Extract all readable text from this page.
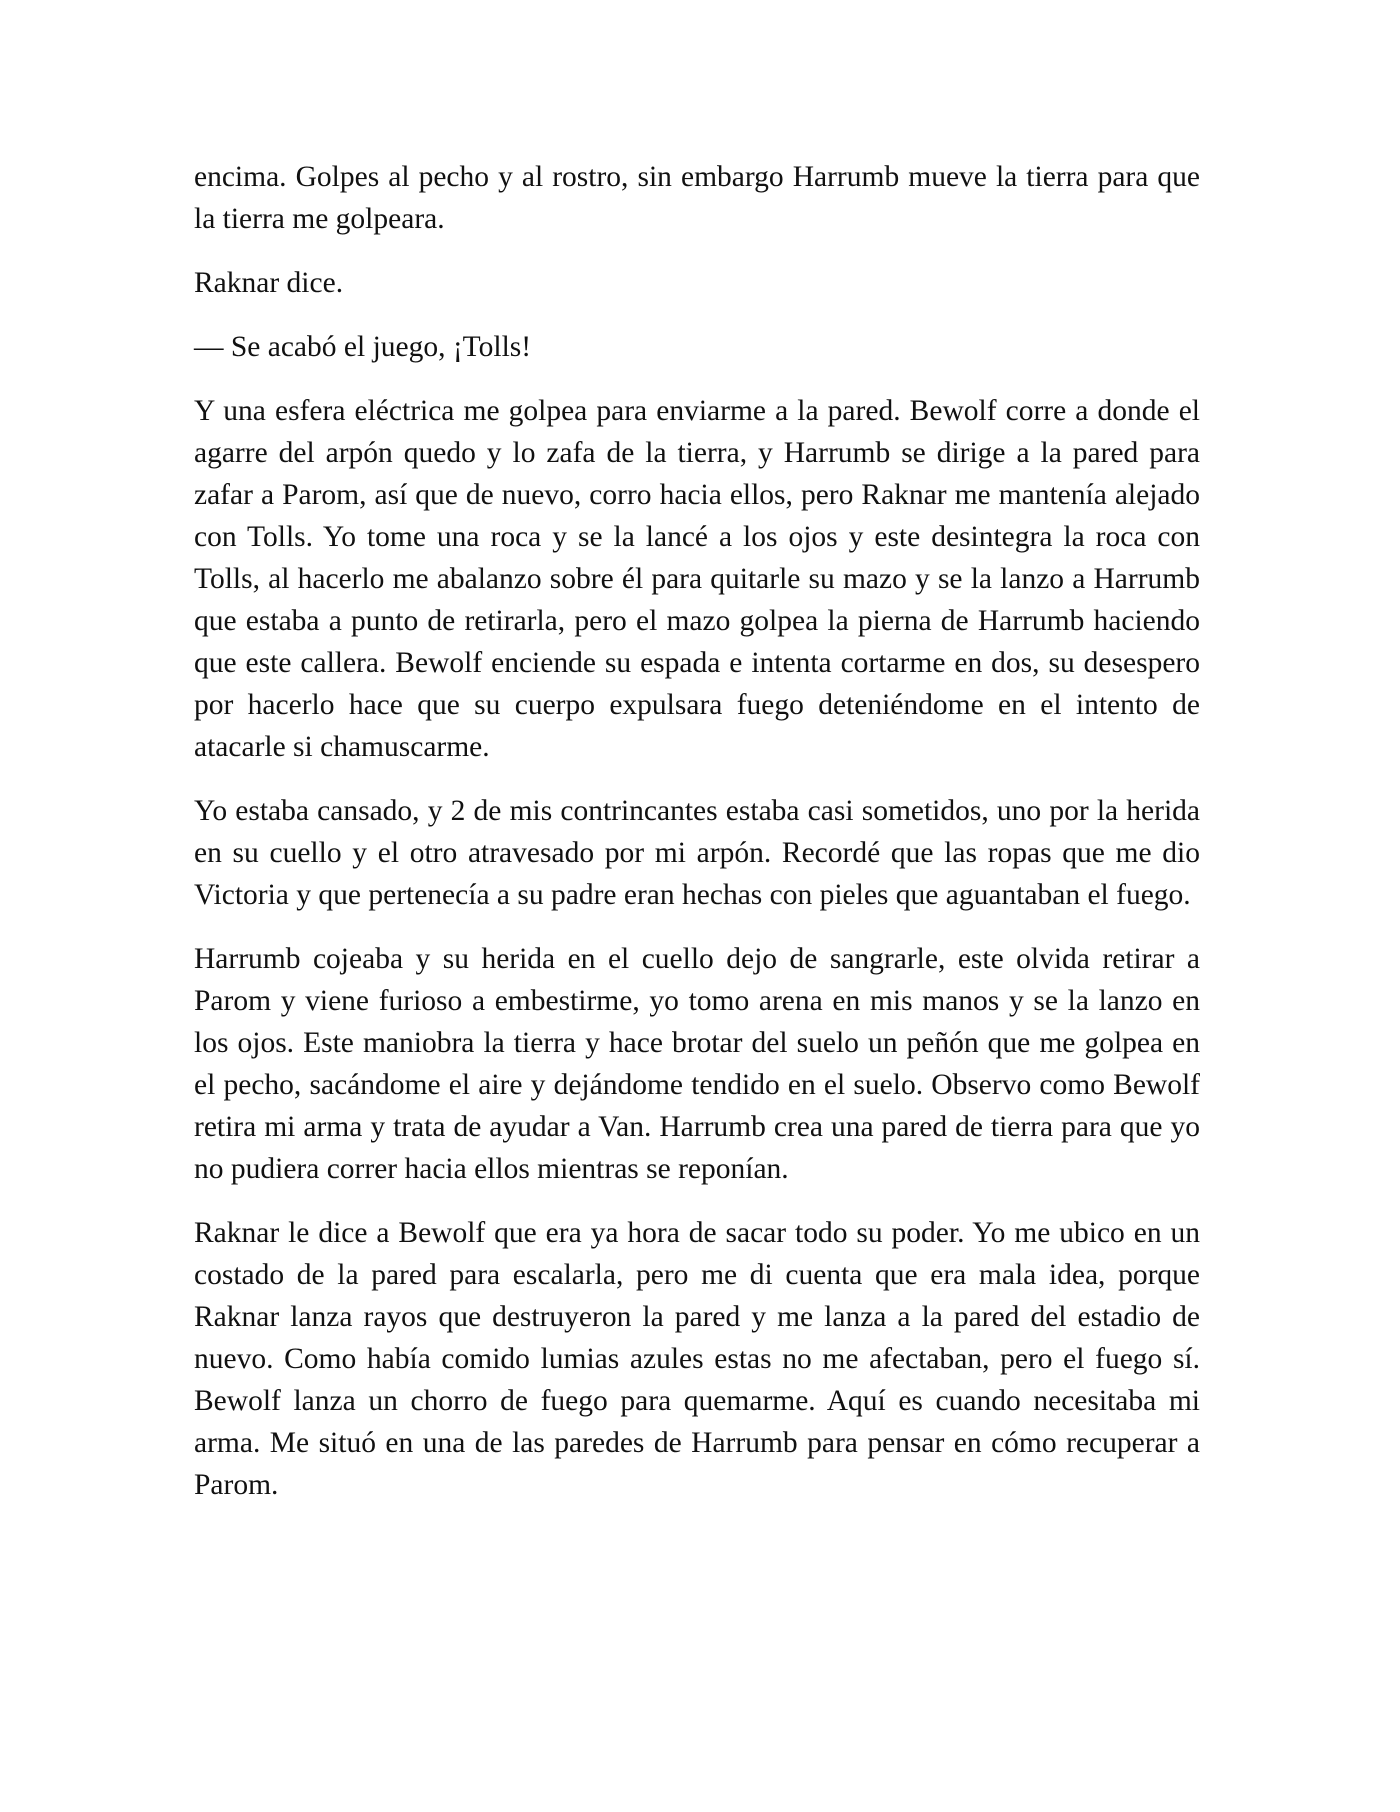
encima. Golpes al pecho y al rostro, sin embargo Harrumb mueve la tierra para que la tierra me golpeara.

Raknar dice.

— Se acabó el juego, ¡Tolls!

Y una esfera eléctrica me golpea para enviarme a la pared. Bewolf corre a donde el agarre del arpón quedo y lo zafa de la tierra, y Harrumb se dirige a la pared para zafar a Parom, así que de nuevo, corro hacia ellos, pero Raknar me mantenía alejado con Tolls. Yo tome una roca y se la lancé a los ojos y este desintegra la roca con Tolls, al hacerlo me abalanzo sobre él para quitarle su mazo y se la lanzo a Harrumb que estaba a punto de retirarla, pero el mazo golpea la pierna de Harrumb haciendo que este callera. Bewolf enciende su espada e intenta cortarme en dos, su desespero por hacerlo hace que su cuerpo expulsara fuego deteniéndome en el intento de atacarle si chamuscarme.

Yo estaba cansado, y 2 de mis contrincantes estaba casi sometidos, uno por la herida en su cuello y el otro atravesado por mi arpón. Recordé que las ropas que me dio Victoria y que pertenecía a su padre eran hechas con pieles que aguantaban el fuego.

Harrumb cojeaba y su herida en el cuello dejo de sangrarle, este olvida retirar a Parom y viene furioso a embestirme, yo tomo arena en mis manos y se la lanzo en los ojos. Este maniobra la tierra y hace brotar del suelo un peñón que me golpea en el pecho, sacándome el aire y dejándome tendido en el suelo. Observo como Bewolf retira mi arma y trata de ayudar a Van. Harrumb crea una pared de tierra para que yo no pudiera correr hacia ellos mientras se reponían.

Raknar le dice a Bewolf que era ya hora de sacar todo su poder. Yo me ubico en un costado de la pared para escalarla, pero me di cuenta que era mala idea, porque Raknar lanza rayos que destruyeron la pared y me lanza a la pared del estadio de nuevo. Como había comido lumias azules estas no me afectaban, pero el fuego sí. Bewolf lanza un chorro de fuego para quemarme. Aquí es cuando necesitaba mi arma. Me situó en una de las paredes de Harrumb para pensar en cómo recuperar a Parom.
